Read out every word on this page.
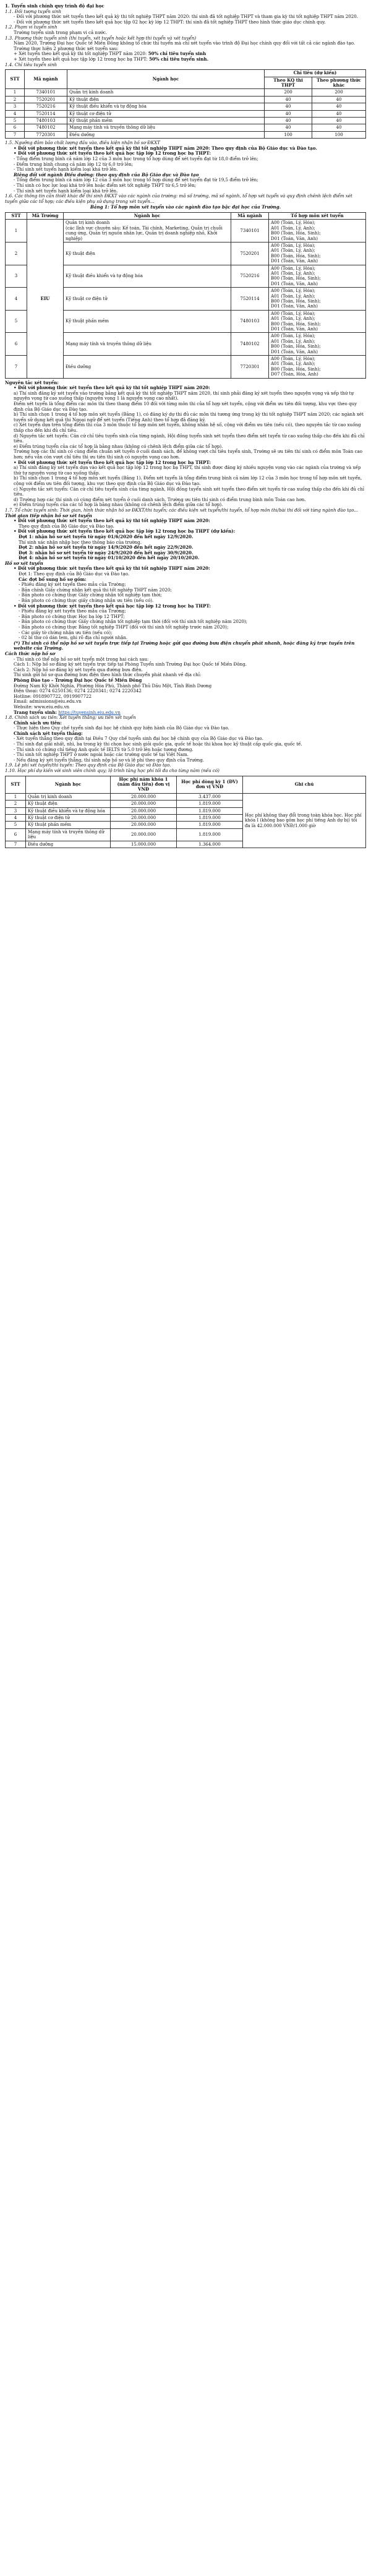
1. Tuyển sinh chính quy trình độ đại học
1.1. Đối tượng tuyển sinh
- Đối với phương thức xét tuyển theo kết quả kỳ thi tốt nghiệp THPT năm 2020: thí sinh đã tốt nghiệp THPT và tham gia kỳ thi tốt nghiệp THPT năm 2020.
- Đối với phương thức xét tuyển theo kết quả học tập 02 học kỳ lớp 12 THPT: thí sinh đã tốt nghiệp THPT theo hình thức giáo dục chính quy.
1.2. Phạm vi tuyển sinh
Trường tuyển sinh trong phạm vi cả nước.
1.3. Phương thức tuyển sinh (thi tuyển, xét tuyển hoặc kết hợp thi tuyển và xét tuyển)
Năm 2020, Trường Đại học Quốc tế Miền Đông không tổ chức thi tuyển mà chỉ xét tuyển vào trình độ Đại học chính quy đối với tất cả các ngành đào tạo.
Trường thực hiện 2 phương thức xét tuyển sau:
+ Xét tuyển theo kết quả kỳ thi tốt nghiệp THPT năm 2020: 50% chỉ tiêu tuyển sinh
+ Xét tuyển theo kết quả học tập lớp 12 trong học bạ THPT: 50% chỉ tiêu tuyển sinh.
1.4. Chỉ tiêu tuyển sinh
STT	Mã ngành	Ngành học	Chỉ tiêu (dự kiến)	
			Theo KQ thi THPT	Theo phương thức khác
1	7340101	Quản trị kinh doanh	200	200
2	7520201	Kỹ thuật điện	40	40
3	7520216	Kỹ thuật điều khiển và tự động hóa	40	40
4	7520114	Kỹ thuật cơ điện tử	40	40
5	7480103	Kỹ thuật phần mềm	40	40
6	7480102	Mạng máy tính và truyền thông dữ liệu	40	40
7	7720301	Điều dưỡng	100	100
1.5. Ngưỡng đảm bảo chất lượng đầu vào, điều kiện nhận hồ sơ ĐKXT
• Đối với phương thức xét tuyển theo kết quả kỳ thi tốt nghiệp THPT năm 2020: Theo quy định của Bộ Giáo dục và Đào tạo.
• Đối với phương thức xét tuyển theo kết quả học tập lớp 12 trong học bạ THPT:
- Tổng điểm trung bình cả năm lớp 12 của 3 môn học trong tổ hợp dùng để xét tuyển đạt từ 18,0 điểm trở lên;
- Điểm trung bình chung cả năm lớp 12 từ 6,0 trở lên;
- Thí sinh xét tuyển hạnh kiểm loại khá trở lên.
Riêng đối với ngành Điều dưỡng: theo quy định của Bộ Giáo dục và Đào tạo
- Tổng điểm trung bình cả năm lớp 12 của 3 môn học trong tổ hợp dùng để xét tuyển đạt từ 19,5 điểm trở lên;
- Thí sinh có học lực loại khá trở lên hoặc điểm xét tốt nghiệp THPT từ 6,5 trở lên;
- Thí sinh xét tuyển hạnh kiểm loại khá trở lên.
1.6. Các thông tin cần thiết khác để thí sinh ĐKXT vào các ngành của trường: mã số trường, mã số ngành, tổ hợp xét tuyển và quy định chênh lệch điểm xét tuyển giữa các tổ hợp; các điều kiện phụ sử dụng trong xét tuyển...
Bảng 1: Tổ hợp môn xét tuyển vào các ngành đào tạo bậc đại học của Trường.
STT	Mã Trường	Ngành học	Mã ngành	Tổ hợp môn xét tuyển
1	EIU	Quản trị kinh doanh
(các lĩnh vực chuyên sâu: Kế toán, Tài chính, Marketing, Quản trị chuỗi cung ứng, Quản trị nguồn nhân lực, Quản trị doanh nghiệp nhỏ, Khởi nghiệp)	7340101	A00 (Toán, Lý, Hóa);
A01 (Toán, Lý, Anh);
B00 (Toán, Hóa, Sinh);
D01 (Toán, Văn, Anh)
2		Kỹ thuật điện	7520201	A00 (Toán, Lý, Hóa);
A01 (Toán, Lý, Anh);
B00 (Toán, Hóa, Sinh);
D01 (Toán, Văn, Anh)
3		Kỹ thuật điều khiển và tự động hóa	7520216	A00 (Toán, Lý, Hóa);
A01 (Toán, Lý, Anh);
B00 (Toán, Hóa, Sinh);
D01 (Toán, Văn, Anh)
4		Kỹ thuật cơ điện tử	7520114	A00 (Toán, Lý, Hóa);
A01 (Toán, Lý, Anh);
B00 (Toán, Hóa, Sinh);
D01 (Toán, Văn, Anh)
5		Kỹ thuật phần mềm	7480103	A00 (Toán, Lý, Hóa);
A01 (Toán, Lý, Anh);
B00 (Toán, Hóa, Sinh);
D01 (Toán, Văn, Anh)
6		Mạng máy tính và truyền thông dữ liệu	7480102	A00 (Toán, Lý, Hóa);
A01 (Toán, Lý, Anh);
B00 (Toán, Hóa, Sinh);
D01 (Toán, Văn, Anh)
7		Điều dưỡng	7720301	A00 (Toán, Lý, Hóa);
A01 (Toán, Lý, Anh);
B00 (Toán, Hóa, Sinh);
D07 (Toán, Hóa, Anh)
Nguyên tắc xét tuyển:
• Đối với phương thức xét tuyển theo kết quả kỳ thi tốt nghiệp THPT năm 2020:
a) Thí sinh đăng ký xét tuyển vào trường bằng kết quả kỳ thi tốt nghiệp THPT năm 2020, thí sinh phải đăng ký xét tuyển theo nguyện vọng và xếp thứ tự nguyện vọng từ cao xuống thấp (nguyện vọng 1 là nguyện vọng cao nhất).
Điểm xét tuyển là tổng điểm các môn thi theo thang điểm 10 đối với từng môn thi của tổ hợp xét tuyển, cộng với điểm ưu tiên đối tượng, khu vực theo quy định của Bộ Giáo dục và Đào tạo.
b) Thí sinh chọn 1 trong 4 tổ hợp môn xét tuyển (Bảng 1), có đăng ký dự thi đủ các môn thi tương ứng trong kỳ thi tốt nghiệp THPT năm 2020; các ngành xét tuyển sử dụng kết quả thi Ngoại ngữ để xét tuyển (Tiếng Anh) theo tổ hợp đã đăng ký.
c) Xét tuyển dựa trên tổng điểm thi của 3 môn thuộc tổ hợp môn xét tuyển, không nhân hệ số, cộng với điểm ưu tiên (nếu có), theo nguyên tắc từ cao xuống thấp cho đến khi đủ chỉ tiêu.
d) Nguyên tắc xét tuyển: Căn cứ chỉ tiêu tuyển sinh của từng ngành, Hội đồng tuyển sinh xét tuyển theo điểm xét tuyển từ cao xuống thấp cho đến khi đủ chỉ tiêu.
e) Điểm trúng tuyển của các tổ hợp là bằng nhau (không có chênh lệch điểm giữa các tổ hợp).
Trường hợp các thí sinh có cùng điểm chuẩn xét tuyển ở cuối danh sách, để không vượt chỉ tiêu tuyển sinh, Trường sẽ ưu tiên thí sinh có điểm môn Toán cao hơn; nếu vẫn còn vượt chỉ tiêu thì ưu tiên thí sinh có nguyện vọng cao hơn.
• Đối với phương thức xét tuyển theo kết quả học tập lớp 12 trong học bạ THPT:
a) Thí sinh đăng ký xét tuyển dựa vào kết quả học tập lớp 12 trong học bạ THPT, thí sinh được đăng ký nhiều nguyện vọng vào các ngành của trường và xếp thứ tự nguyện vọng từ cao xuống thấp.
b) Thí sinh chọn 1 trong 4 tổ hợp môn xét tuyển (Bảng 1). Điểm xét tuyển là tổng điểm trung bình cả năm lớp 12 của 3 môn học trong tổ hợp môn xét tuyển, cộng với điểm ưu tiên đối tượng, khu vực theo quy định của Bộ Giáo dục và Đào tạo.
c) Nguyên tắc xét tuyển: Căn cứ chỉ tiêu tuyển sinh của từng ngành, Hội đồng tuyển sinh xét tuyển theo điểm xét tuyển từ cao xuống thấp cho đến khi đủ chỉ tiêu.
d) Trường hợp các thí sinh có cùng điểm xét tuyển ở cuối danh sách, Trường ưu tiên thí sinh có điểm trung bình môn Toán cao hơn.
e) Điểm trúng tuyển của các tổ hợp là bằng nhau (không có chênh lệch điểm giữa các tổ hợp).
1.7. Tổ chức tuyển sinh: Thời gian, hình thức nhận hồ sơ ĐKXT/thi tuyển; các điều kiện xét tuyển/thi tuyển, tổ hợp môn thi/bài thi đối với từng ngành đào tạo...
Thời gian tiếp nhận hồ sơ xét tuyển
• Đối với phương thức xét tuyển theo kết quả kỳ thi tốt nghiệp THPT năm 2020:
Theo quy định của Bộ Giáo dục và Đào tạo.
• Đối với phương thức xét tuyển theo kết quả học tập lớp 12 trong học bạ THPT (dự kiến):
Đợt 1: nhận hồ sơ xét tuyển từ ngày 01/6/2020 đến hết ngày 12/9/2020.
Thí sinh xác nhận nhập học theo thông báo của trường.
Đợt 2: nhận hồ sơ xét tuyển từ ngày 14/9/2020 đến hết ngày 22/9/2020.
Đợt 3: nhận hồ sơ xét tuyển từ ngày 24/9/2020 đến hết ngày 30/9/2020.
Đợt 4: nhận hồ sơ xét tuyển từ ngày 01/10/2020 đến hết ngày 20/10/2020.
Hồ sơ xét tuyển
• Đối với phương thức xét tuyển theo kết quả kỳ thi tốt nghiệp THPT năm 2020:
Đợt 1: Theo quy định của Bộ Giáo dục và Đào tạo.
Các đợt bổ sung hồ sơ gồm:
- Phiếu đăng ký xét tuyển theo mẫu của Trường;
- Bản chính Giấy chứng nhận kết quả thi tốt nghiệp THPT năm 2020;
- Bản photo có chứng thực Giấy chứng nhận tốt nghiệp tạm thời;
- Bản photo có chứng thực giấy chứng nhận ưu tiên (nếu có).
• Đối với phương thức xét tuyển theo kết quả học tập lớp 12 trong học bạ THPT:
- Phiếu đăng ký xét tuyển theo mẫu của Trường;
- Bản photo có chứng thực Học bạ lớp 12 THPT;
- Bản photo có chứng thực Giấy chứng nhận tốt nghiệp tạm thời (đối với thí sinh tốt nghiệp năm 2020);
- Bản photo có chứng thực Bằng tốt nghiệp THPT (đối với thí sinh tốt nghiệp trước năm 2020);
- Các giấy tờ chứng nhận ưu tiên (nếu có);
- 02 bì thư có dán tem, ghi rõ địa chỉ người nhận.
(*) Thí sinh có thể nộp hồ sơ xét tuyển trực tiếp tại Trường hoặc gửi qua đường bưu điện chuyển phát nhanh, hoặc đăng ký trực tuyến trên website của Trường.
Cách thức nộp hồ sơ
- Thí sinh có thể nộp hồ sơ xét tuyển một trong hai cách sau:
Cách 1: Nộp hồ sơ đăng ký xét tuyển trực tiếp tại Phòng Tuyển sinh Trường Đại học Quốc tế Miền Đông.
Cách 2: Nộp hồ sơ đăng ký xét tuyển qua đường bưu điện.
Thí sinh gửi hồ sơ qua đường bưu điện theo hình thức chuyển phát nhanh về địa chỉ:
Phòng Đào tạo – Trường Đại học Quốc tế Miền Đông
Đường Nam Kỳ Khởi Nghĩa, Phường Hòa Phú, Thành phố Thủ Dầu Một, Tỉnh Bình Dương
Điện thoại: 0274 6250136; 0274 2220341; 0274 2220342
Hotline: 0918907722, 0919907722
Email: admissions@eiu.edu.vn
Website: www.eiu.edu.vn
Trang tuyển sinh: https://tuyensinh.eiu.edu.vn
1.8. Chính sách ưu tiên: Xét tuyển thẳng; ưu tiên xét tuyển
Chính sách ưu tiên:
- Thực hiện theo Quy chế tuyển sinh đại học hệ chính quy hiện hành của Bộ Giáo dục và Đào tạo.
Chính sách xét tuyển thẳng:
- Xét tuyển thẳng theo quy định tại Điều 7 Quy chế tuyển sinh đại học hệ chính quy của Bộ Giáo dục và Đào tạo.
- Thí sinh đạt giải nhất, nhì, ba trong kỳ thi chọn học sinh giỏi quốc gia, quốc tế hoặc thi khoa học kỹ thuật cấp quốc gia, quốc tế.
- Thí sinh có chứng chỉ tiếng Anh quốc tế IELTS từ 5.0 trở lên hoặc tương đương.
- Thí sinh tốt nghiệp THPT ở nước ngoài hoặc các trường quốc tế tại Việt Nam.
- Nếu đăng ký xét tuyển thẳng, thí sinh nộp hồ sơ và lệ phí theo quy định của Trường.
1.9. Lệ phí xét tuyển/thi tuyển: Theo quy định của Bộ Giáo dục và Đào tạo.
1.10. Học phí dự kiến với sinh viên chính quy; lộ trình tăng học phí tối đa cho từng năm (nếu có)
STT	Ngành học	Học phí năm khóa 1 (năm đầu tiên) đơn vị VNĐ	Học phí dòng kỳ 1 (ĐV) đơn vị VNĐ	Ghi chú
1	Quản trị kinh doanh	20.000.000	3.437.000	Học phí không thay đổi trong toàn khóa học. Học phí khóa I (không bao gồm học phí tiếng Anh dự bị) tối đa là 42.000.000 VNĐ/1.000 giờ
2	Kỹ thuật điện	20.000.000	1.819.000	
3	Kỹ thuật điều khiển và tự động hóa	20.000.000	1.819.000	
4	Kỹ thuật cơ điện tử	20.000.000	1.819.000	
5	Kỹ thuật phần mềm	20.000.000	1.819.000	
6	Mạng máy tính và truyền thông dữ liệu	20.000.000	1.819.000	
7	Điều dưỡng	15.000.000	1.364.000	
